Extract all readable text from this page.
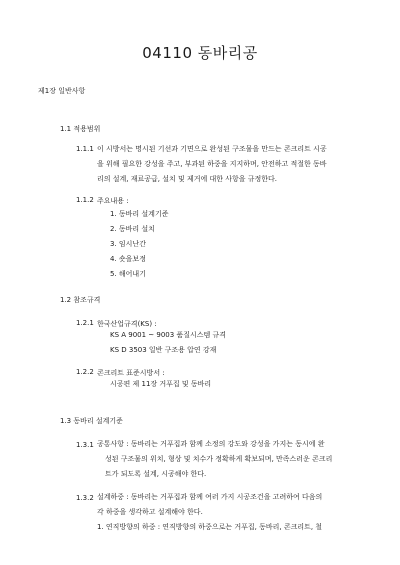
04110 동바리공
제1장 일반사항
1.1 적용범위
1.1.1 이 시방서는 명시된 기선과 기면으로 완성된 구조물을 만드는 콘크리트 시공
을 위해 필요한 강성을 주고, 부과된 하중을 지지하며, 안전하고 적절한 동바
리의 설계, 재료공급, 설치 및 제거에 대한 사항을 규정한다.
1.1.2 주요내용 :
1. 동바리 설계기준
2. 동바리 설치
3. 임시난간
4. 숏을보정
5. 해어내기
1.2 참조규격
1.2.1 한국산업규격(KS) :
KS A 9001 ~ 9003 품질시스템 규격
KS D 3503 일반 구조용 압연 강재
1.2.2 콘크리트 표준시방서 :
시공편 제 11장 거푸집 및 동바리
1.3 동바리 설계기준
1.3.1 공통사항 : 동바리는 거푸집과 함께 소정의 강도와 강성을 가지는 동시에 완
성된 구조물의 위치, 형상 및 치수가 정확하게 확보되며, 만족스러운 콘크리
트가 되도록 설계, 시공해야 한다.
1.3.2 설계하중 : 동바리는 거푸집과 함께 여러 가지 시공조건을 고려하여 다음의
각 하중을 생각하고 설계해야 한다.
1. 연직방향의 하중 : 연직방향의 하중으로는 거푸집, 동바리, 콘크리트, 철
